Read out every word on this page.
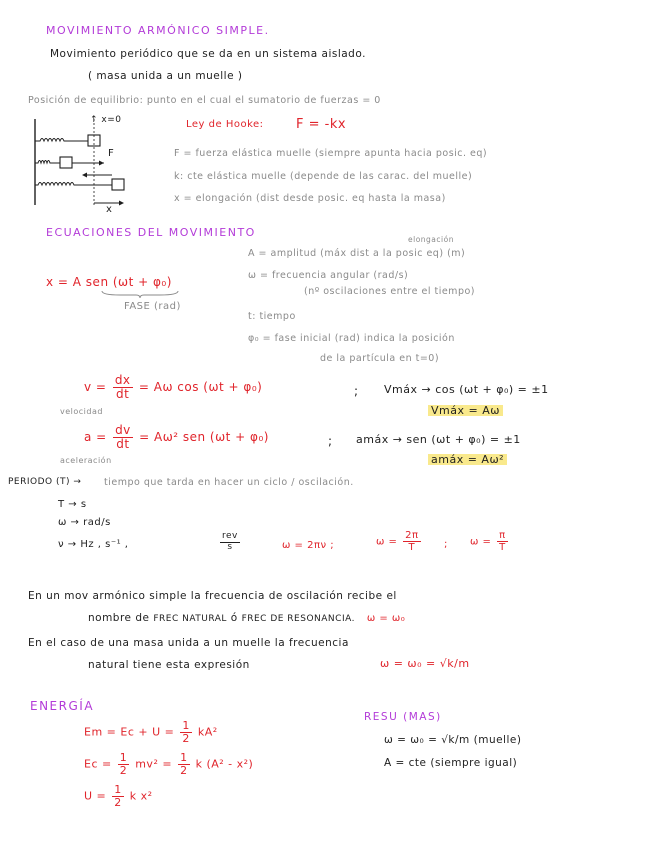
MOVIMIENTO ARMÓNICO SIMPLE.
Movimiento periódico que se da en un sistema aislado.
( masa unida a un muelle )
Posición de equilibrio: punto en el cual el sumatorio de fuerzas = 0
↑ x=0
F
x
Ley de Hooke: F = -kx
F = fuerza elástica muelle (siempre apunta hacia posic. eq)
k: cte elástica muelle (depende de las carac. del muelle)
x = elongación (dist desde posic. eq hasta la masa)
ECUACIONES DEL MOVIMIENTO
x = A sen (ωt + φ₀)
FASE (rad)
elongación
A = amplitud (máx dist a la posic eq) (m)
ω = frecuencia angular (rad/s)
(nº oscilaciones entre el tiempo)
t: tiempo
φ₀ = fase inicial (rad) indica la posición
de la partícula en t=0)
$v = \frac{dx}{dt} = A\omega$ cos (ωt + φ₀)	; Vmáx → cos (ωt + φ₀) = ±1
Vmáx = Aω
velocidad
$a = \frac{dv}{dt} = A\omega^2$ sen (ωt + φ₀)	; amáx → sen (ωt + φ₀) = ±1
amáx = Aω²
aceleración
PERIODO (T) → tiempo que tarda en hacer un ciclo / oscilación.
T → s
ω → rad/s
ν → Hz , s⁻¹ ,	$\frac{\text{rev}}{s}$	ω = 2πν ;	$\omega = \frac{2\pi}{T}$ ; $\omega = \frac{\pi}{T}$
En un mov armónico simple la frecuencia de oscilación recibe el
nombre de FREC NATURAL ó FREC DE RESONANCIA. ω = ω₀
En el caso de una masa unida a un muelle la frecuencia
natural tiene esta expresión	ω = ω₀ = √k/m
ENERGÍA
$Em = Ec + U = \frac{1}{2} kA^2$
$Ec = \frac{1}{2} mv^2 = \frac{1}{2}$ k (A² - x²)
$U = \frac{1}{2}$ k x²
RESU (MAS)
ω = ω₀ = √k/m (muelle)
A = cte (siempre igual)
